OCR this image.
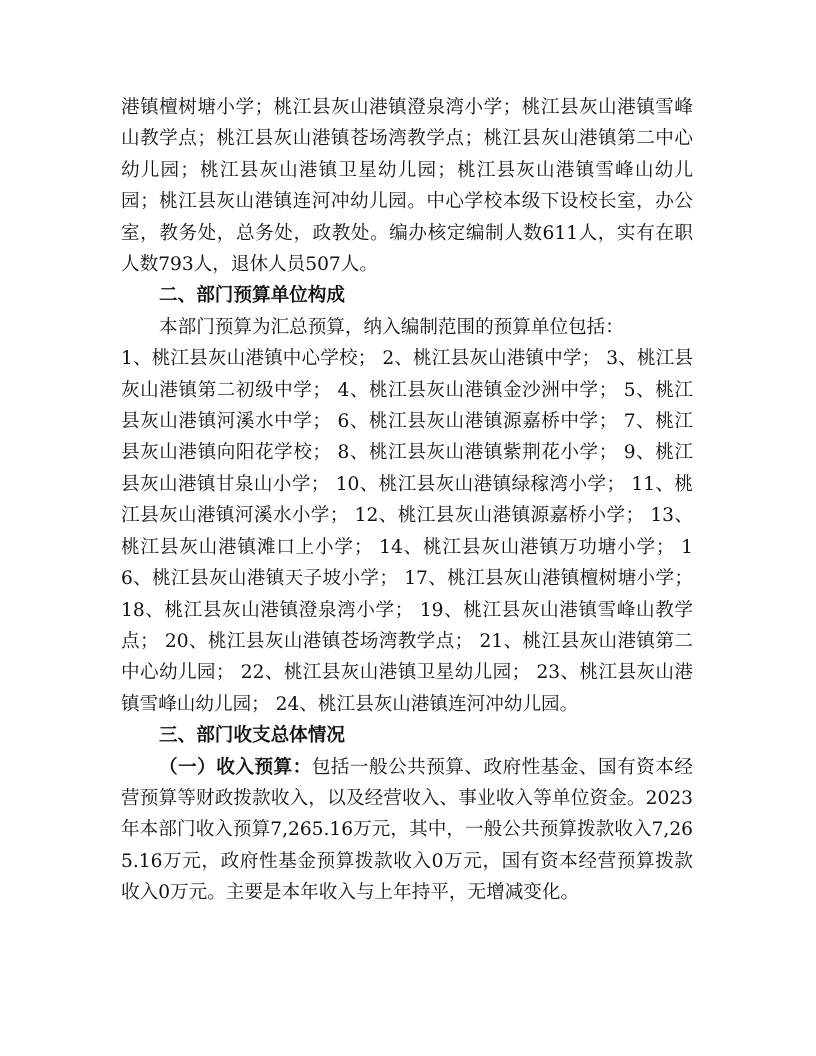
港镇檀树塘小学；桃江县灰山港镇澄泉湾小学；桃江县灰山港镇雪峰山教学点；桃江县灰山港镇苍场湾教学点；桃江县灰山港镇第二中心幼儿园；桃江县灰山港镇卫星幼儿园；桃江县灰山港镇雪峰山幼儿园；桃江县灰山港镇连河冲幼儿园。中心学校本级下设校长室，办公室，教务处，总务处，政教处。编办核定编制人数611人，实有在职人数793人，退休人员507人。

二、部门预算单位构成

本部门预算为汇总预算，纳入编制范围的预算单位包括：

1、桃江县灰山港镇中心学校； 2、桃江县灰山港镇中学； 3、桃江县灰山港镇第二初级中学； 4、桃江县灰山港镇金沙洲中学； 5、桃江县灰山港镇河溪水中学； 6、桃江县灰山港镇源嘉桥中学； 7、桃江县灰山港镇向阳花学校； 8、桃江县灰山港镇紫荆花小学； 9、桃江县灰山港镇甘泉山小学； 10、桃江县灰山港镇绿稼湾小学； 11、桃江县灰山港镇河溪水小学； 12、桃江县灰山港镇源嘉桥小学； 13、桃江县灰山港镇滩口上小学； 14、桃江县灰山港镇万功塘小学； 16、桃江县灰山港镇天子坡小学； 17、桃江县灰山港镇檀树塘小学； 18、桃江县灰山港镇澄泉湾小学； 19、桃江县灰山港镇雪峰山教学点； 20、桃江县灰山港镇苍场湾教学点； 21、桃江县灰山港镇第二中心幼儿园； 22、桃江县灰山港镇卫星幼儿园； 23、桃江县灰山港镇雪峰山幼儿园； 24、桃江县灰山港镇连河冲幼儿园。

三、部门收支总体情况

（一）收入预算：包括一般公共预算、政府性基金、国有资本经营预算等财政拨款收入，以及经营收入、事业收入等单位资金。2023年本部门收入预算7,265.16万元，其中，一般公共预算拨款收入7,265.16万元，政府性基金预算拨款收入0万元，国有资本经营预算拨款收入0万元。主要是本年收入与上年持平，无增减变化。
